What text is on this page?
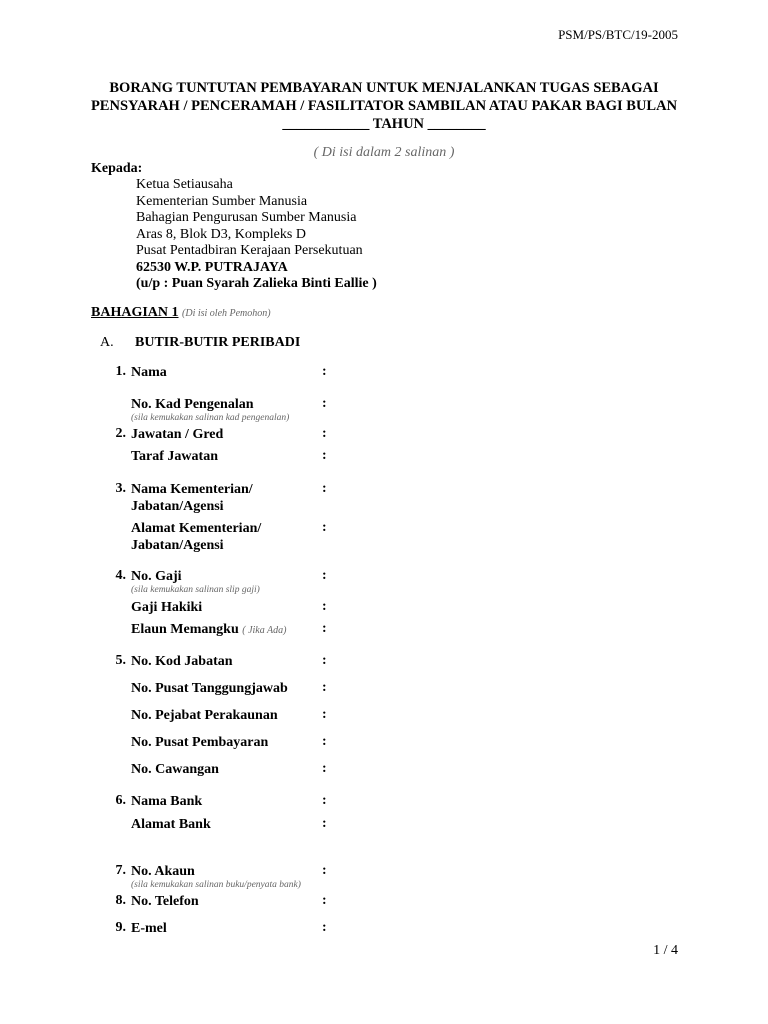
PSM/PS/BTC/19-2005
BORANG TUNTUTAN PEMBAYARAN UNTUK MENJALANKAN TUGAS SEBAGAI
PENSYARAH / PENCERAMAH / FASILITATOR SAMBILAN ATAU PAKAR BAGI BULAN
____________ TAHUN ________
( Di isi dalam 2 salinan )
Kepada:
Ketua Setiausaha
Kementerian Sumber Manusia
Bahagian Pengurusan Sumber Manusia
Aras 8, Blok D3, Kompleks D
Pusat Pentadbiran Kerajaan Persekutuan
62530 W.P. PUTRAJAYA
(u/p : Puan Syarah Zalieka Binti Eallie )
BAHAGIAN 1 (Di isi oleh Pemohon)
A. BUTIR-BUTIR PERIBADI
1. Nama	:
No. Kad Pengenalan	:
(sila kemukakan salinan kad pengenalan)
2. Jawatan / Gred	:
Taraf Jawatan	:
3. Nama Kementerian/
Jabatan/Agensi
:
Alamat Kementerian/
Jabatan/Agensi
:
4. No. Gaji	:
(sila kemukakan salinan slip gaji)
Gaji Hakiki	:
Elaun Memangku ( Jika Ada)	:
5. No. Kod Jabatan	:
No. Pusat Tanggungjawab :
No. Pejabat Perakaunan	:
No. Pusat Pembayaran	:
No. Cawangan	:
6. Nama Bank	:
Alamat Bank	:
7. No. Akaun	:
(sila kemukakan salinan buku/penyata bank)
8. No. Telefon	:
9. E-mel	:
1 / 4
